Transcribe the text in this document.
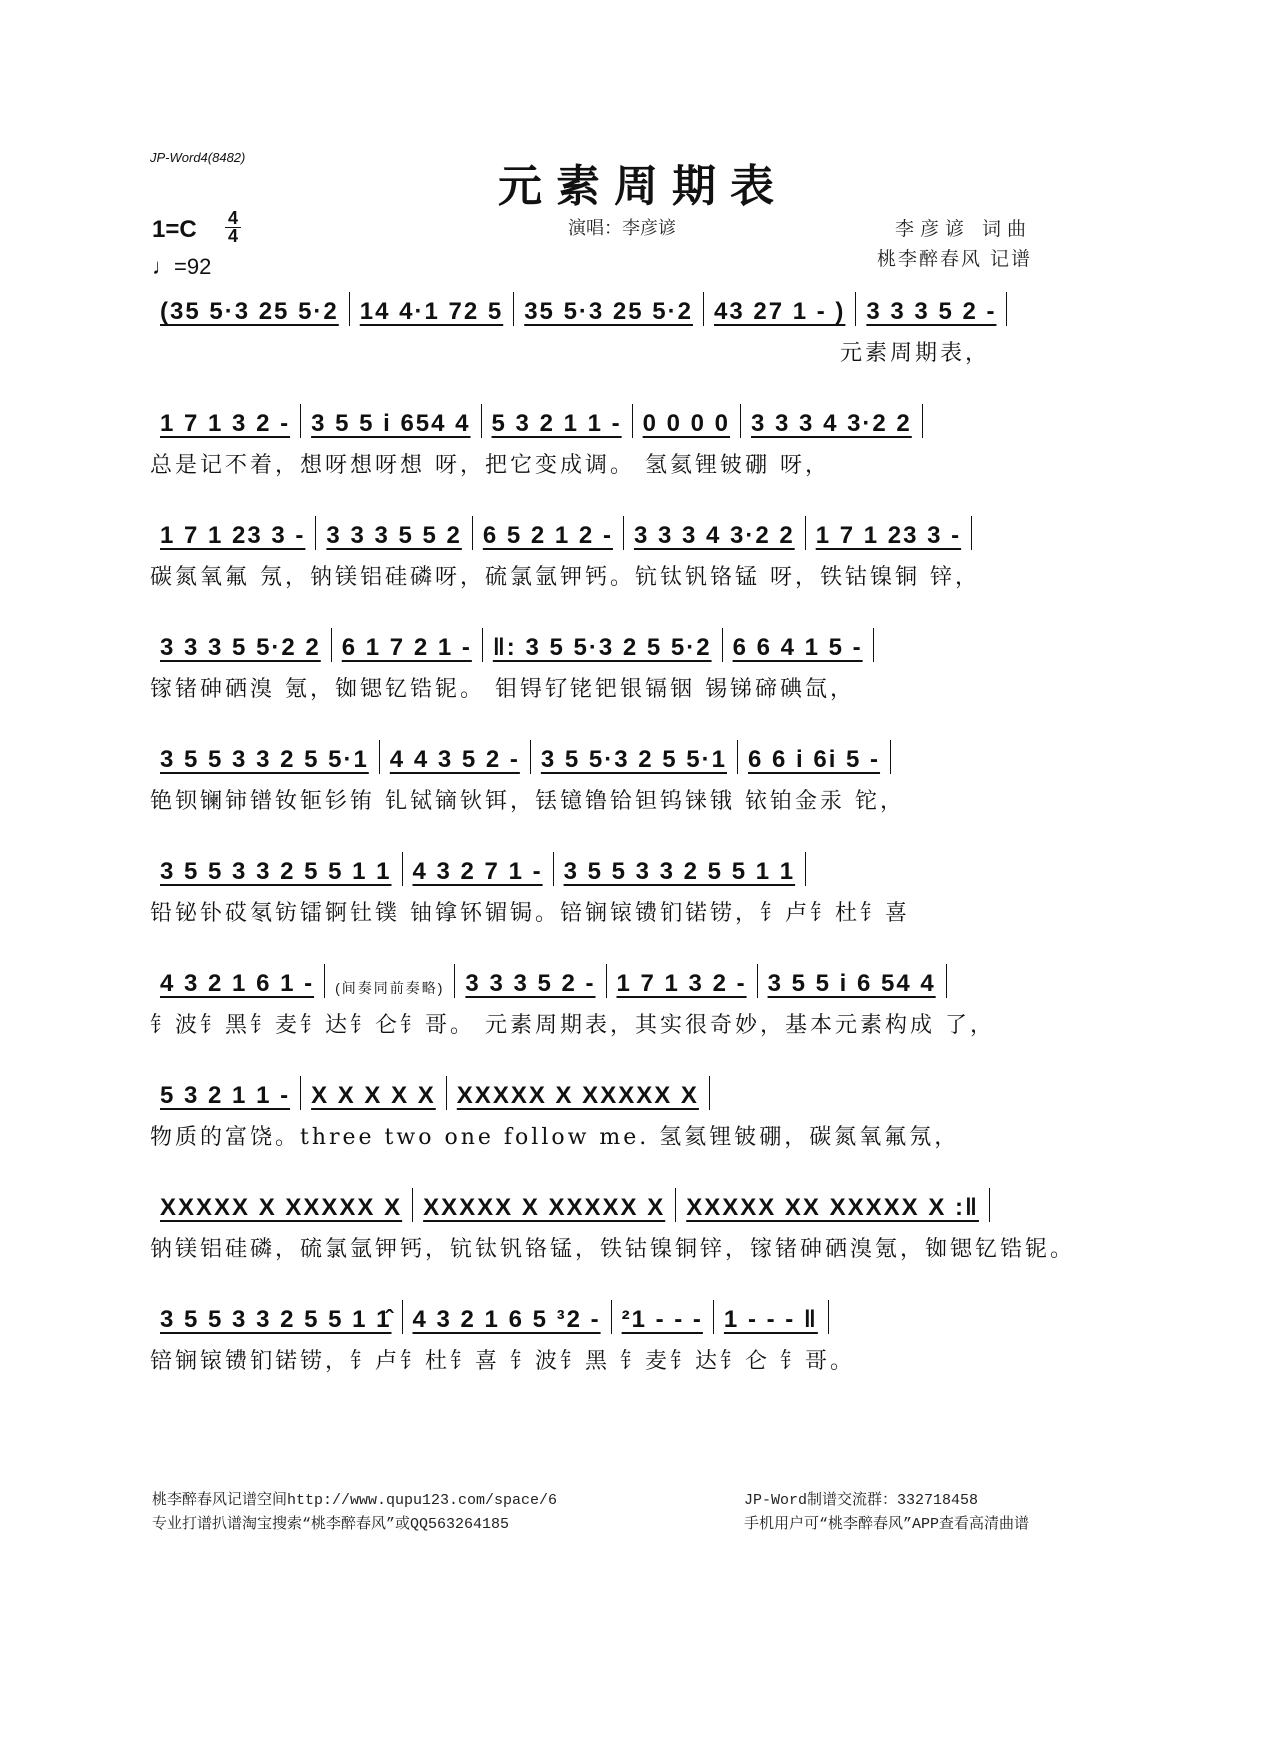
JP-Word4(8482)
元素周期表
1=C 4
4
♩=92
演唱：李彦谚	李彦谚 词曲
桃李醉春风 记谱
(35 5·3 25 5·2 14 4·1 72 5 35 5·3 25 5·2 43 27 1 - ) 3 3 3 5 2 -
元素周期表，
1 7 1 3 2 - 3 5 5 i 654 4 5 3 2 1 1 - 0 0 0 0 3 3 3 4 3·2 2
总是记不着，想呀想呀想 呀，把它变成调。 氢氦锂铍硼 呀，
1 7 1 23 3 - 3 3 3 5 5 2 6 5 2 1 2 - 3 3 3 4 3·2 2 1 7 1 23 3 -
碳氮氧氟 氖，钠镁铝硅磷呀，硫氯氩钾钙。钪钛钒铬锰 呀，铁钴镍铜 锌，
3 3 3 5 5·2 2 6 1 7 2 1 - ‖: 3 5 5·3 2 5 5·2 6 6 4 1 5 -
镓锗砷硒溴 氪，铷锶钇锆铌。 钼锝钌铑钯银镉铟 锡锑碲碘氙，
3 5 5 3 3 2 5 5·1 4 4 3 5 2 - 3 5 5·3 2 5 5·1 6 6 i 6i 5 -
铯钡镧铈镨钕钷钐铕 钆铽镝钬铒，铥镱镥铪钽钨铼锇 铱铂金汞 铊，
3 5 5 3 3 2 5 5 1 1 4 3 2 7 1 - 3 5 5 3 3 2 5 5 1 1
铅铋钋砹氡钫镭锕钍镤 铀镎钚镅锔。锫锎锿镄钔锘铹，钅卢钅杜钅喜
4 3 2 1 6 1 -	(间奏同前奏略) 3 3 3 5 2 - 1 7 1 3 2 - 3 5 5 i 6 54 4
钅波钅黑钅麦钅达钅仑钅哥。 元素周期表，其实很奇妙，基本元素构成 了，
5 3 2 1 1 - X X X X X XXXXX X XXXXX X
物质的富饶。three two one follow me. 氢氦锂铍硼，碳氮氧氟氖，
XXXXX X XXXXX X XXXXX X XXXXX X XXXXX XX XXXXX X :‖
钠镁铝硅磷，硫氯氩钾钙，钪钛钒铬锰，铁钴镍铜锌，镓锗砷硒溴氪，铷锶钇锆铌。
3 5 5 3 3 2 5 5 1 1̂ 4 3 2 1 6 5 ³2 - ²1 - - - 1 - - - ‖
锫锎锿镄钔锘铹，钅卢钅杜钅喜 钅波钅黑 钅麦钅达钅仑 钅哥。
桃李醉春风记谱空间http://www.qupu123.com/space/6
专业打谱扒谱淘宝搜索“桃李醉春风”或QQ563264185
JP-Word制谱交流群：332718458
手机用户可“桃李醉春风”APP查看高清曲谱
